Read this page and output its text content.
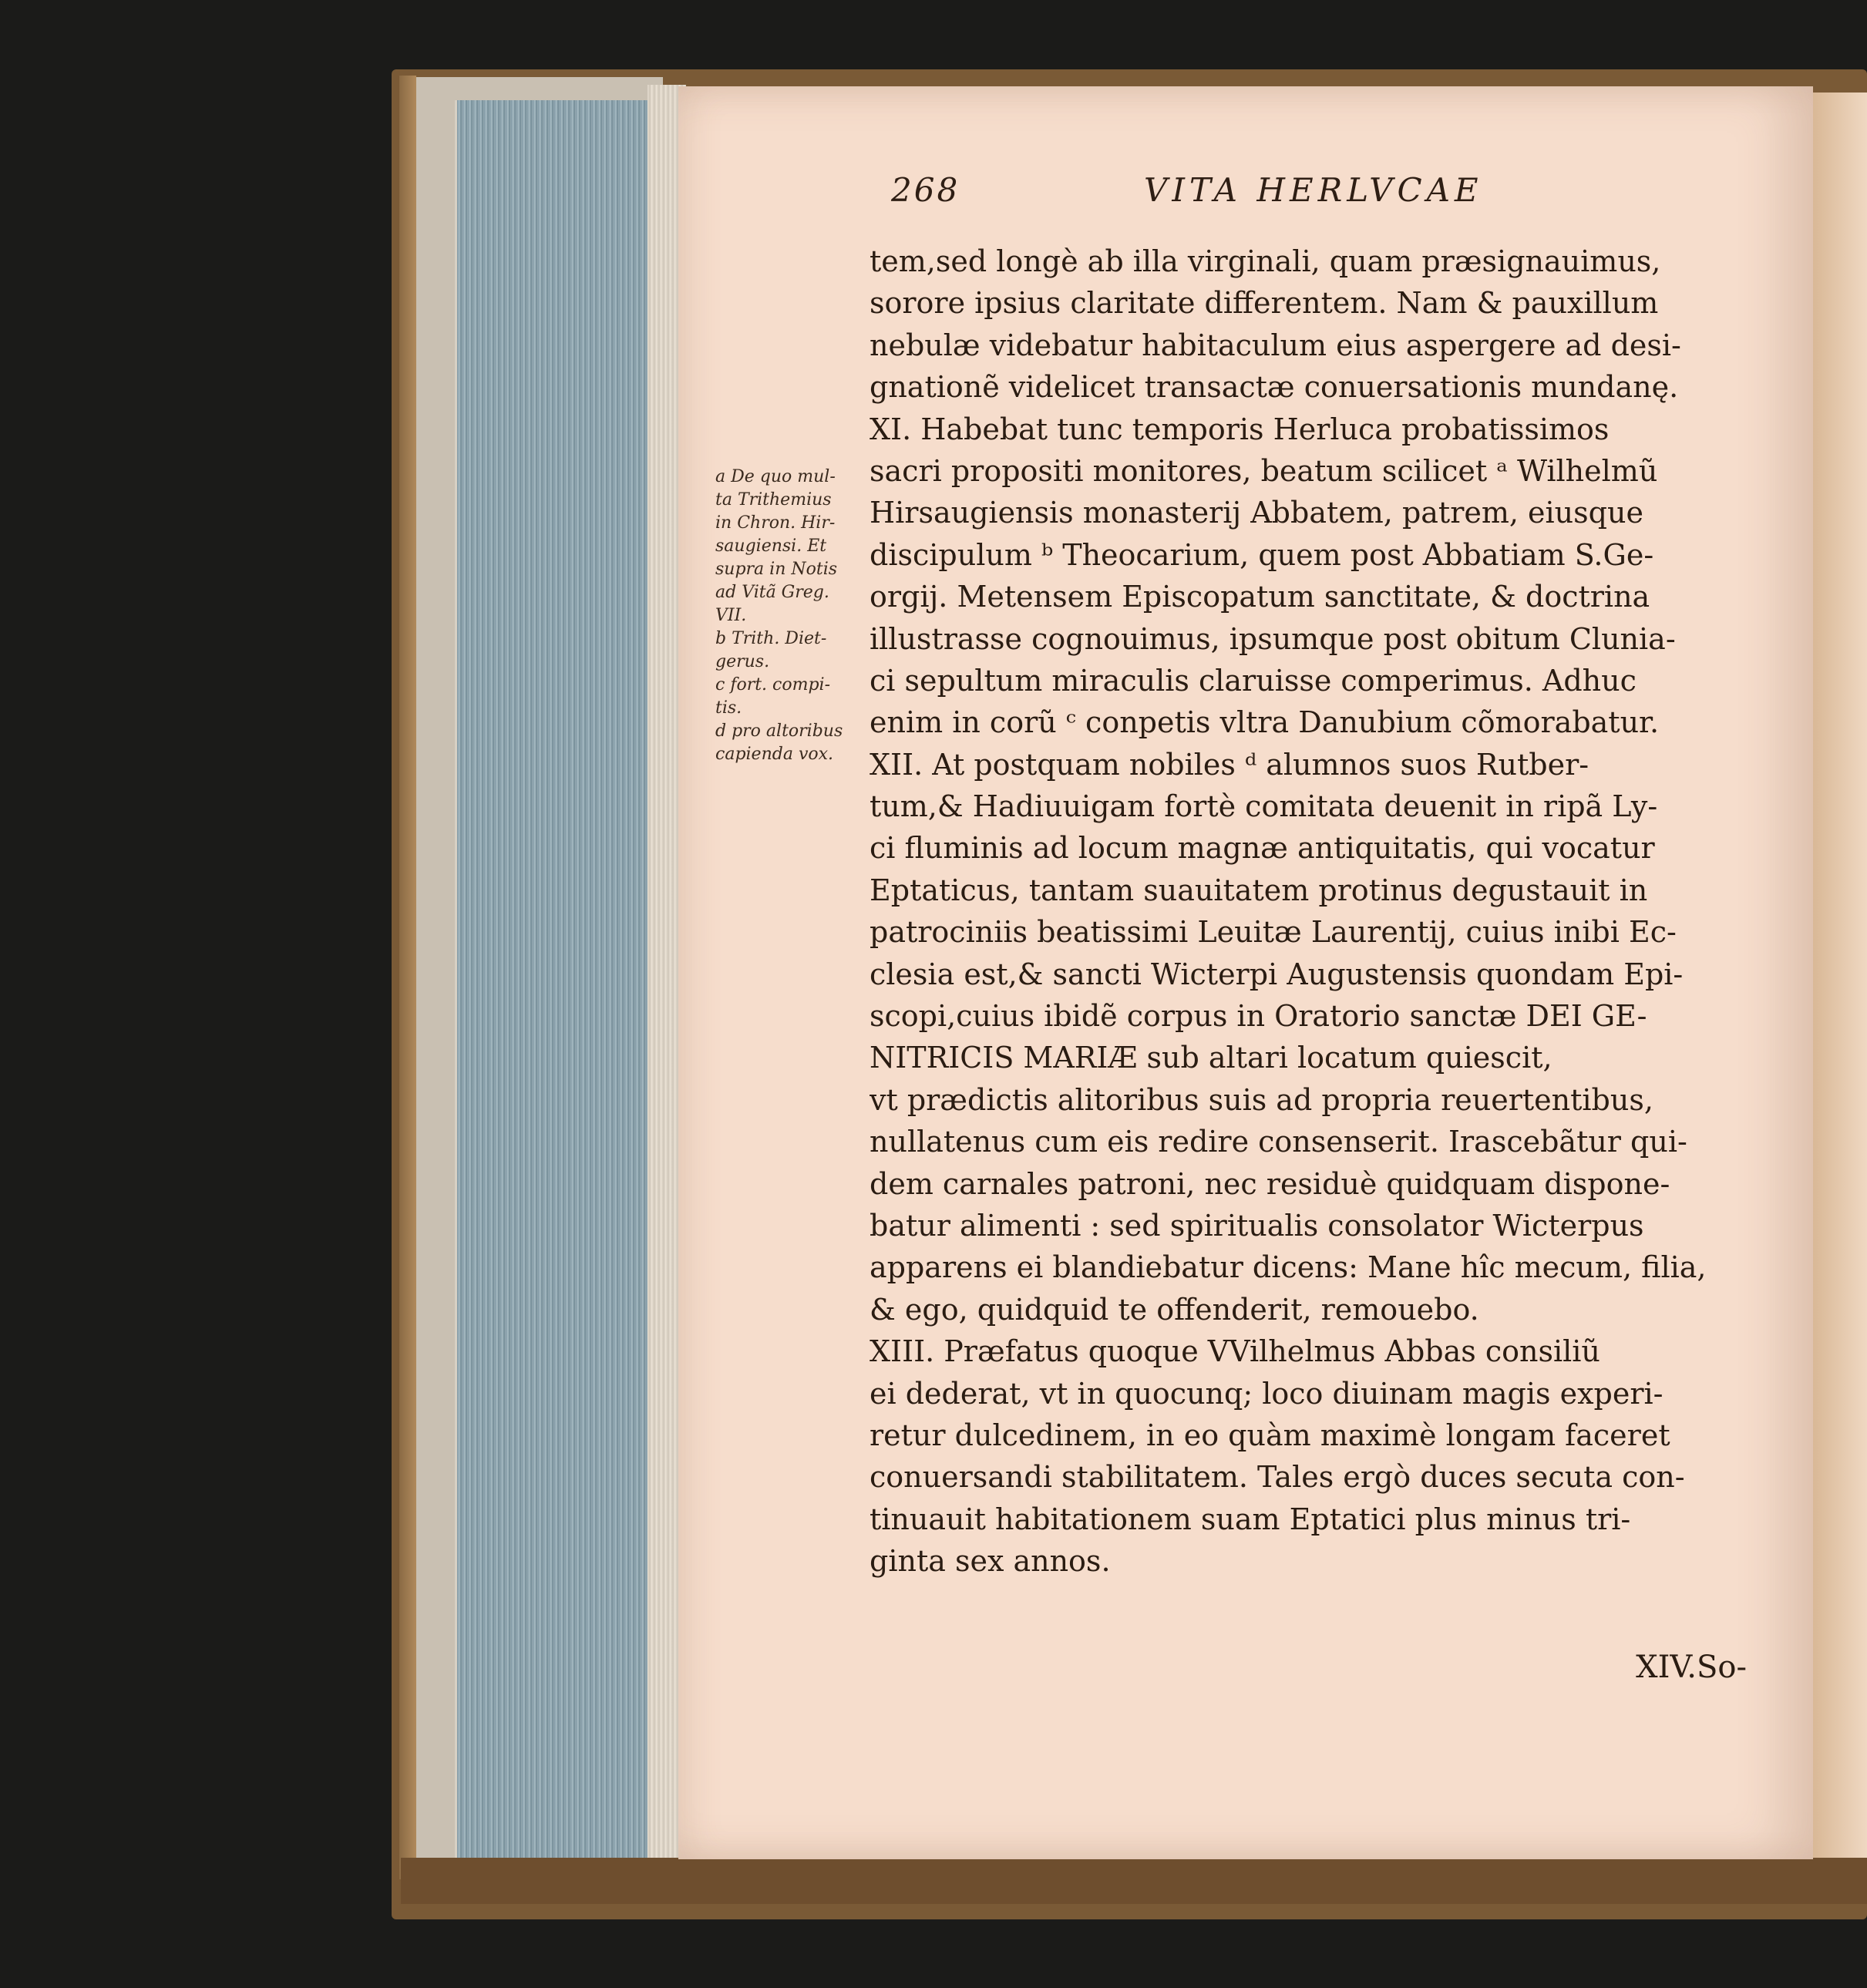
268	VITA HERLVCAE
a De quo mul-
ta Trithemius
in Chron. Hir-
saugiensi. Et
supra in Notis
ad Vitã Greg.
VII.
b Trith. Diet-
gerus.
c fort. compi-
tis.
d pro altoribus
capienda vox.
tem,sed longè ab illa virginali, quam præsignauimus,
sorore ipsius claritate differentem. Nam & pauxillum
nebulæ videbatur habitaculum eius aspergere ad desi-
gnationẽ videlicet transactæ conuersationis mundanę.
XI. Habebat tunc temporis Herluca probatissimos
sacri propositi monitores, beatum scilicet ᵃ Wilhelmũ
Hirsaugiensis monasterij Abbatem, patrem, eiusque
discipulum ᵇ Theocarium, quem post Abbatiam S.Ge-
orgij. Metensem Episcopatum sanctitate, & doctrina
illustrasse cognouimus, ipsumque post obitum Clunia-
ci sepultum miraculis claruisse comperimus. Adhuc
enim in corũ ᶜ conpetis vltra Danubium cõmorabatur.
XII. At postquam nobiles ᵈ alumnos suos Rutber-
tum,& Hadiuuigam fortè comitata deuenit in ripã Ly-
ci fluminis ad locum magnæ antiquitatis, qui vocatur
Eptaticus, tantam suauitatem protinus degustauit in
patrociniis beatissimi Leuitæ Laurentij, cuius inibi Ec-
clesia est,& sancti Wicterpi Augustensis quondam Epi-
scopi,cuius ibidẽ corpus in Oratorio sanctæ DEI GE-
NITRICIS MARIÆ sub altari locatum quiescit,
vt prædictis alitoribus suis ad propria reuertentibus,
nullatenus cum eis redire consenserit. Irascebãtur qui-
dem carnales patroni, nec residuè quidquam dispone-
batur alimenti : sed spiritualis consolator Wicterpus
apparens ei blandiebatur dicens: Mane hîc mecum, filia,
& ego, quidquid te offenderit, remouebo.
XIII. Præfatus quoque VVilhelmus Abbas consiliũ
ei dederat, vt in quocunq; loco diuinam magis experi-
retur dulcedinem, in eo quàm maximè longam faceret
conuersandi stabilitatem. Tales ergò duces secuta con-
tinuauit habitationem suam Eptatici plus minus tri-
ginta sex annos.
XIV.So-
